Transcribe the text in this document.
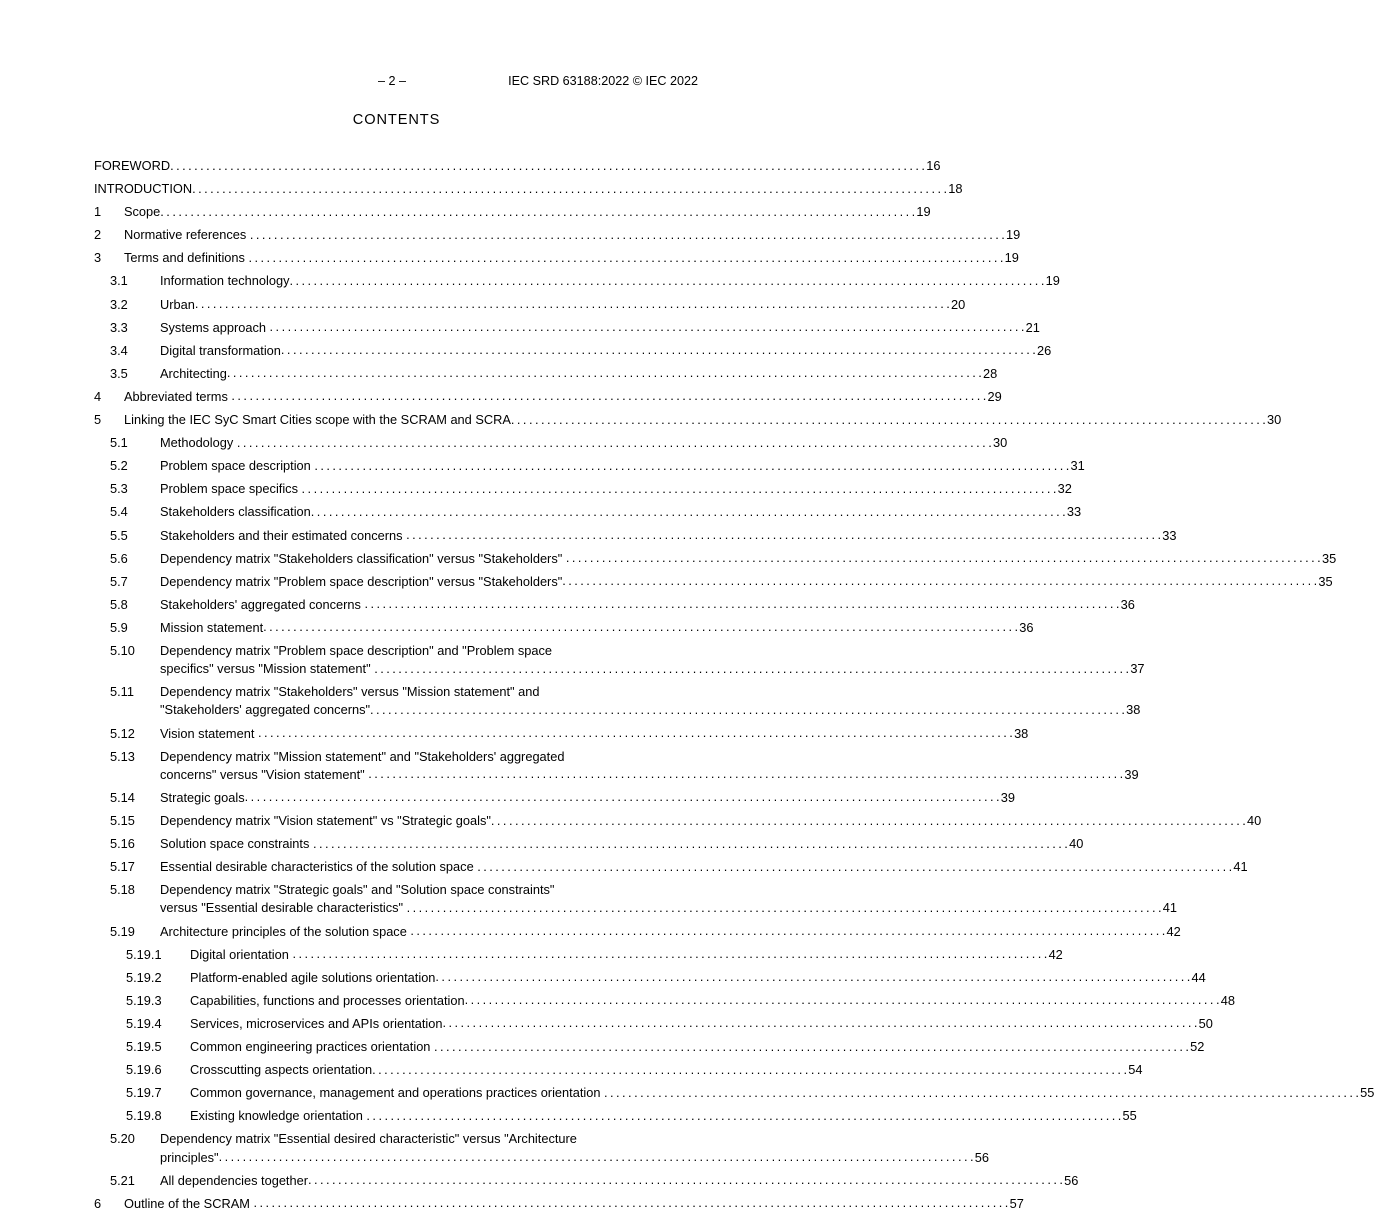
– 2 –	IEC SRD 63188:2022 © IEC 2022
CONTENTS
FOREWORD . . .	16
INTRODUCTION . . .	18
1	Scope . . .	19
2	Normative references . . .	19
3	Terms and definitions . . .	19
3.1	Information technology . . .	19
3.2	Urban . . .	20
3.3	Systems approach . . .	21
3.4	Digital transformation . . .	26
3.5	Architecting . . .	28
4	Abbreviated terms . . .	29
5	Linking the IEC SyC Smart Cities scope with the SCRAM and SCRA . . .	30
5.1	Methodology . . .	30
5.2	Problem space description . . .	31
5.3	Problem space specifics . . .	32
5.4	Stakeholders classification . . .	33
5.5	Stakeholders and their estimated concerns . . .	33
5.6	Dependency matrix "Stakeholders classification" versus "Stakeholders" . . .	35
5.7	Dependency matrix "Problem space description" versus "Stakeholders" . . .	35
5.8	Stakeholders' aggregated concerns . . .	36
5.9	Mission statement . . .	36
5.10	Dependency matrix "Problem space description" and "Problem space
specifics" versus "Mission statement" . . .	37
5.11	Dependency matrix "Stakeholders" versus "Mission statement" and
"Stakeholders' aggregated concerns" . . .	38
5.12	Vision statement . . .	38
5.13	Dependency matrix "Mission statement" and "Stakeholders' aggregated
concerns" versus "Vision statement" . . .	39
5.14	Strategic goals . . .	39
5.15	Dependency matrix "Vision statement" vs "Strategic goals" . . .	40
5.16	Solution space constraints . . .	40
5.17	Essential desirable characteristics of the solution space . . .	41
5.18	Dependency matrix "Strategic goals" and "Solution space constraints"
versus "Essential desirable characteristics" . . .	41
5.19	Architecture principles of the solution space . . .	42
5.19.1	Digital orientation . . .	42
5.19.2	Platform-enabled agile solutions orientation . . .	44
5.19.3	Capabilities, functions and processes orientation . . .	48
5.19.4	Services, microservices and APIs orientation . . .	50
5.19.5	Common engineering practices orientation . . .	52
5.19.6	Crosscutting aspects orientation . . .	54
5.19.7	Common governance, management and operations practices orientation . . .	55
5.19.8	Existing knowledge orientation . . .	55
5.20	Dependency matrix "Essential desired characteristic" versus "Architecture
principles" . . .	56
5.21	All dependencies together . . .	56
6	Outline of the SCRAM . . .	57
